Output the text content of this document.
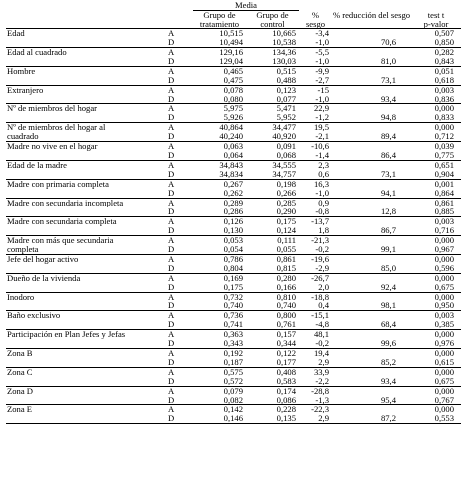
		Media				
		Grupo de	Grupo de	%	% reducción del sesgo	test t
		tratamiento	control	sesgo		p-valor
Edad	A	10,515	10,665	-3,4		0,507
	D	10,494	10,538	-1,0	70,6	0,850
Edad al cuadrado	A	129,16	134,36	-5,5		0,282
	D	129,04	130,03	-1,0	81,0	0,843
Hombre	A	0,465	0,515	-9,9		0,051
	D	0,475	0,488	-2,7	73,1	0,618
Extranjero	A	0,078	0,123	-15		0,003
	D	0,080	0,077	-1,0	93,4	0,836
Nº de miembros del hogar	A	5,975	5,471	22,9		0,000
	D	5,926	5,952	-1,2	94,8	0,833
Nº de miembros del hogar al	A	40,864	34,477	19,5		0,000
cuadrado	D	40,240	40,920	-2,1	89,4	0,712
Madre no vive en el hogar	A	0,063	0,091	-10,6		0,039
	D	0,064	0,068	-1,4	86,4	0,775
Edad de la madre	A	34,843	34,555	2,3		0,651
	D	34,834	34,757	0,6	73,1	0,904
Madre con primaria completa	A	0,267	0,198	16,3		0,001
	D	0,262	0,266	-1,0	94,1	0,864
Madre con secundaria incompleta	A	0,289	0,285	0,9		0,861
	D	0,286	0,290	-0,8	12,8	0,885
Madre con secundaria completa	A	0,126	0,175	-13,7		0,003
	D	0,130	0,124	1,8	86,7	0,716
Madre con más que secundaria	A	0,053	0,111	-21,3		0,000
completa	D	0,054	0,055	-0,2	99,1	0,967
Jefe del hogar activo	A	0,786	0,861	-19,6		0,000
	D	0,804	0,815	-2,9	85,0	0,596
Dueño de la vivienda	A	0,169	0,280	-26,7		0,000
	D	0,175	0,166	2,0	92,4	0,675
Inodoro	A	0,732	0,810	-18,8		0,000
	D	0,740	0,740	0,4	98,1	0,950
Baño exclusivo	A	0,736	0,800	-15,1		0,003
	D	0,741	0,761	-4,8	68,4	0,385
Participación en Plan Jefes y Jefas	A	0,363	0,157	48,1		0,000
	D	0,343	0,344	-0,2	99,6	0,976
Zona B	A	0,192	0,122	19,4		0,000
	D	0,187	0,177	2,9	85,2	0,615
Zona C	A	0,575	0,408	33,9		0,000
	D	0,572	0,583	-2,2	93,4	0,675
Zona D	A	0,079	0,174	-28,8		0,000
	D	0,082	0,086	-1,3	95,4	0,767
Zona E	A	0,142	0,228	-22,3		0,000
	D	0,146	0,135	2,9	87,2	0,553
